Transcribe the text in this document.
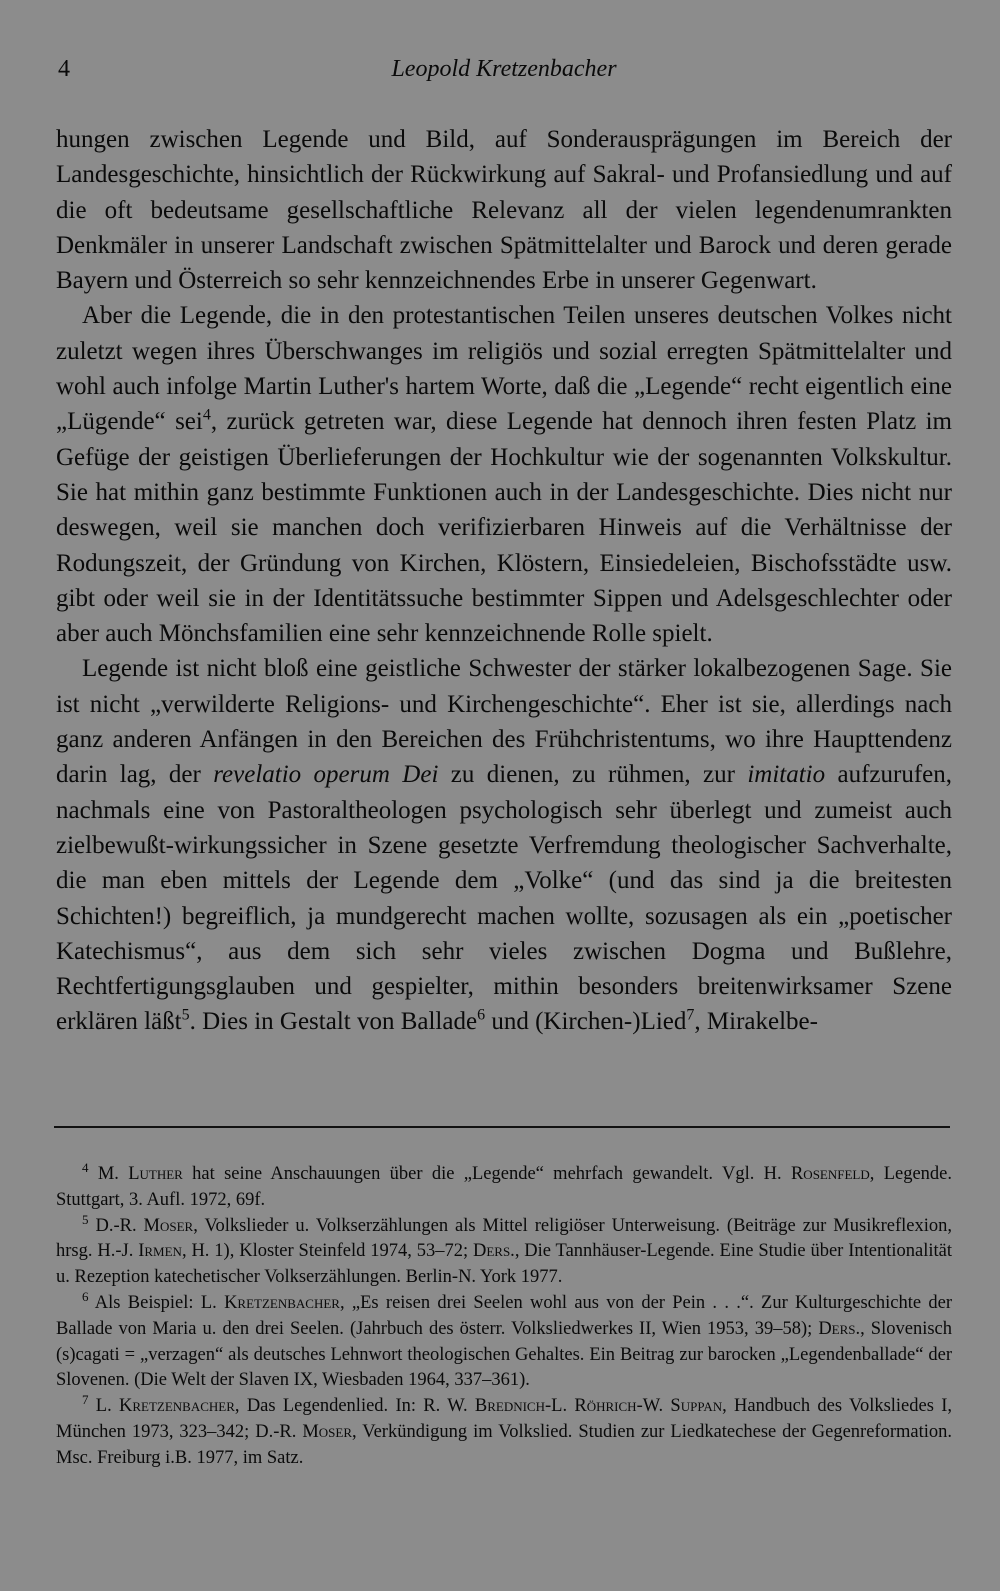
4	Leopold Kretzenbacher

hungen zwischen Legende und Bild, auf Sonderausprägungen im Bereich der Landesgeschichte, hinsichtlich der Rückwirkung auf Sakral- und Profansiedlung und auf die oft bedeutsame gesellschaftliche Relevanz all der vielen legendenumrankten Denkmäler in unserer Landschaft zwischen Spätmittelalter und Barock und deren gerade Bayern und Österreich so sehr kennzeichnendes Erbe in unserer Gegenwart.

Aber die Legende, die in den protestantischen Teilen unseres deutschen Volkes nicht zuletzt wegen ihres Überschwanges im religiös und sozial erregten Spätmittelalter und wohl auch infolge Martin Luther's hartem Worte, daß die „Legende“ recht eigentlich eine „Lügende“ sei$^4$, zurück getreten war, diese Legende hat dennoch ihren festen Platz im Gefüge der geistigen Überlieferungen der Hochkultur wie der sogenannten Volkskultur. Sie hat mithin ganz bestimmte Funktionen auch in der Landesgeschichte. Dies nicht nur deswegen, weil sie manchen doch verifizierbaren Hinweis auf die Verhältnisse der Rodungszeit, der Gründung von Kirchen, Klöstern, Einsiedeleien, Bischofsstädte usw. gibt oder weil sie in der Identitätssuche bestimmter Sippen und Adelsgeschlechter oder aber auch Mönchsfamilien eine sehr kennzeichnende Rolle spielt.

Legende ist nicht bloß eine geistliche Schwester der stärker lokalbezogenen Sage. Sie ist nicht „verwilderte Religions- und Kirchengeschichte“. Eher ist sie, allerdings nach ganz anderen Anfängen in den Bereichen des Frühchristentums, wo ihre Haupttendenz darin lag, der revelatio operum Dei zu dienen, zu rühmen, zur imitatio aufzurufen, nachmals eine von Pastoraltheologen psychologisch sehr überlegt und zumeist auch zielbewußt-wirkungssicher in Szene gesetzte Verfremdung theologischer Sachverhalte, die man eben mittels der Legende dem „Volke“ (und das sind ja die breitesten Schichten!) begreiflich, ja mundgerecht machen wollte, sozusagen als ein „poetischer Katechismus“, aus dem sich sehr vieles zwischen Dogma und Bußlehre, Rechtfertigungsglauben und gespielter, mithin besonders breitenwirksamer Szene erklären läßt$^5$. Dies in Gestalt von Ballade$^6$ und (Kirchen-)Lied$^7$, Mirakelbe-

$^4$ M. Luther hat seine Anschauungen über die „Legende“ mehrfach gewandelt. Vgl. H. Rosenfeld, Legende. Stuttgart, 3. Aufl. 1972, 69f.

$^5$ D.-R. Moser, Volkslieder u. Volkserzählungen als Mittel religiöser Unterweisung. (Beiträge zur Musikreflexion, hrsg. H.-J. Irmen, H. 1), Kloster Steinfeld 1974, 53–72; Ders., Die Tannhäuser-Legende. Eine Studie über Intentionalität u. Rezeption katechetischer Volkserzählungen. Berlin-N. York 1977.

$^6$ Als Beispiel: L. Kretzenbacher, „Es reisen drei Seelen wohl aus von der Pein . . .“. Zur Kulturgeschichte der Ballade von Maria u. den drei Seelen. (Jahrbuch des österr. Volksliedwerkes II, Wien 1953, 39–58); Ders., Slovenisch (s)cagati = „verzagen“ als deutsches Lehnwort theologischen Gehaltes. Ein Beitrag zur barocken „Legendenballade“ der Slovenen. (Die Welt der Slaven IX, Wiesbaden 1964, 337–361).

$^7$ L. Kretzenbacher, Das Legendenlied. In: R. W. Brednich-L. Röhrich-W. Suppan, Handbuch des Volksliedes I, München 1973, 323–342; D.-R. Moser, Verkündigung im Volkslied. Studien zur Liedkatechese der Gegenreformation. Msc. Freiburg i.B. 1977, im Satz.
